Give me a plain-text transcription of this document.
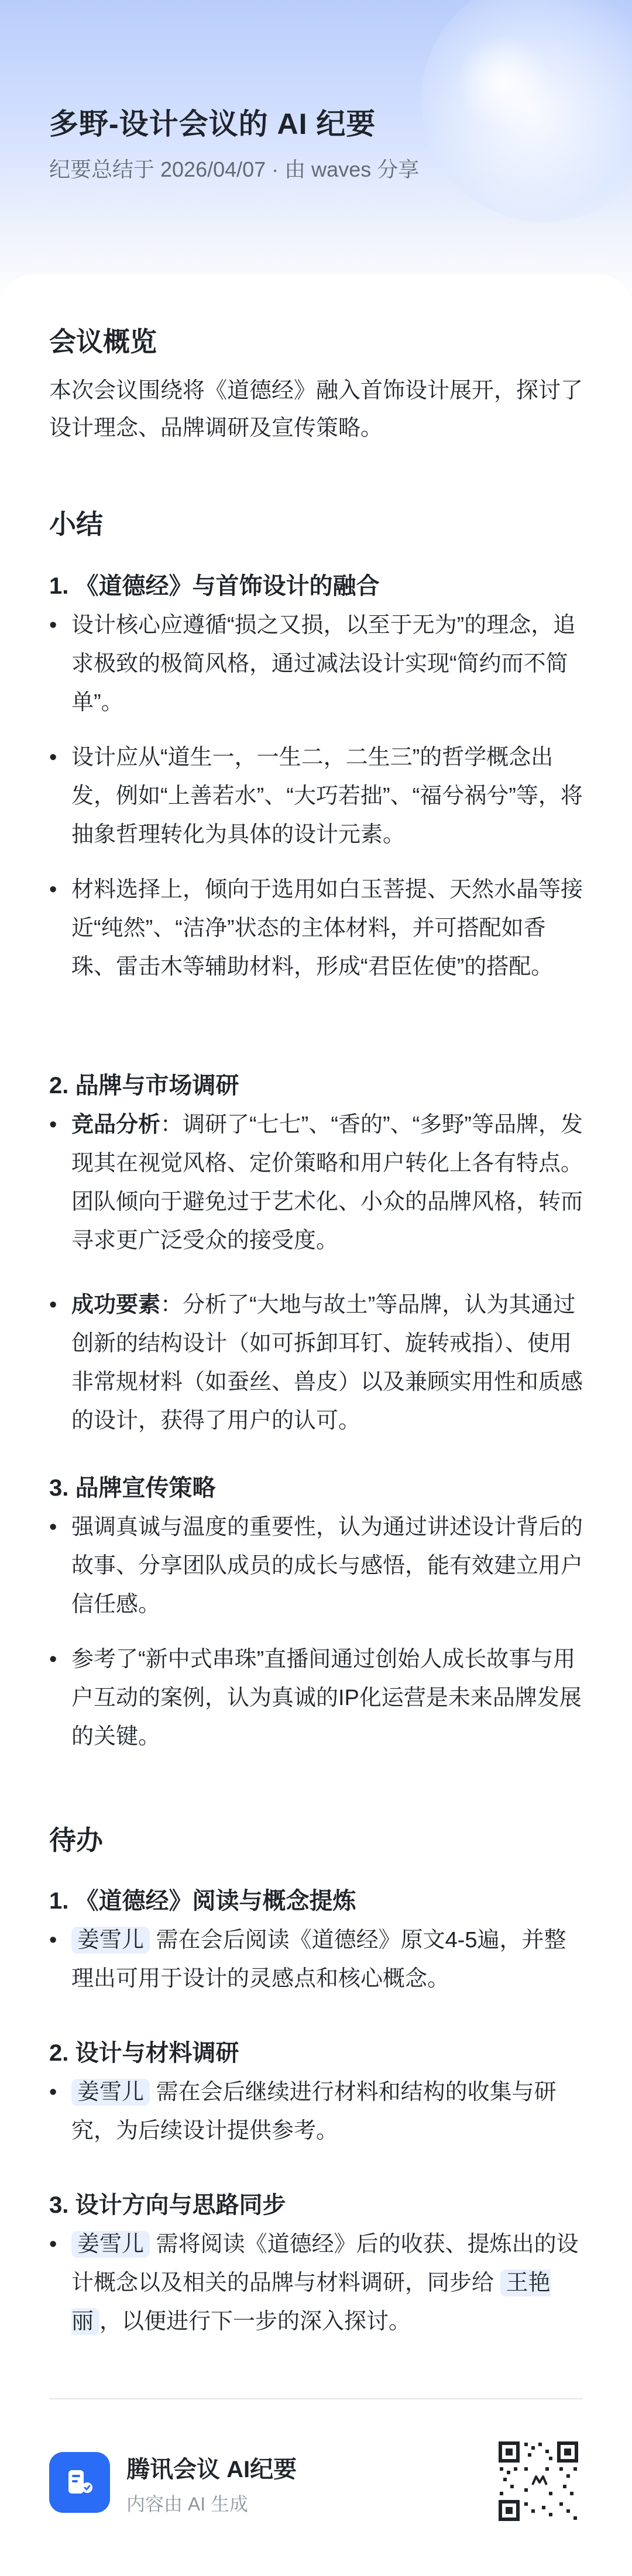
多野-设计会议的 AI 纪要
纪要总结于 2026/04/07 · 由 waves 分享
会议概览

本次会议围绕将《道德经》融入首饰设计展开，探讨了设计理念、品牌调研及宣传策略。

小结
1. 《道德经》与首饰设计的融合
• 设计核心应遵循“损之又损，以至于无为”的理念，追求极致的极简风格，通过减法设计实现“简约而不简单”。
• 设计应从“道生一，一生二，二生三”的哲学概念出发，例如“上善若水”、“大巧若拙”、“福兮祸兮”等，将抽象哲理转化为具体的设计元素。
• 材料选择上，倾向于选用如白玉菩提、天然水晶等接近“纯然”、“洁净”状态的主体材料，并可搭配如香珠、雷击木等辅助材料，形成“君臣佐使”的搭配。
2. 品牌与市场调研
• 竞品分析：调研了“七七”、“香的”、“多野”等品牌，发现其在视觉风格、定价策略和用户转化上各有特点。团队倾向于避免过于艺术化、小众的品牌风格，转而寻求更广泛受众的接受度。
• 成功要素：分析了“大地与故土”等品牌，认为其通过创新的结构设计（如可拆卸耳钉、旋转戒指）、使用非常规材料（如蚕丝、兽皮）以及兼顾实用性和质感的设计，获得了用户的认可。
3. 品牌宣传策略
• 强调真诚与温度的重要性，认为通过讲述设计背后的故事、分享团队成员的成长与感悟，能有效建立用户信任感。
• 参考了“新中式串珠”直播间通过创始人成长故事与用户互动的案例，认为真诚的IP化运营是未来品牌发展的关键。
待办
1. 《道德经》阅读与概念提炼
• 姜雪儿 需在会后阅读《道德经》原文4-5遍，并整理出可用于设计的灵感点和核心概念。
2. 设计与材料调研
• 姜雪儿 需在会后继续进行材料和结构的收集与研究，为后续设计提供参考。
3. 设计方向与思路同步
• 姜雪儿 需将阅读《道德经》后的收获、提炼出的设计概念以及相关的品牌与材料调研，同步给 王艳丽 ，以便进行下一步的深入探讨。
腾讯会议 AI纪要
内容由 AI 生成
